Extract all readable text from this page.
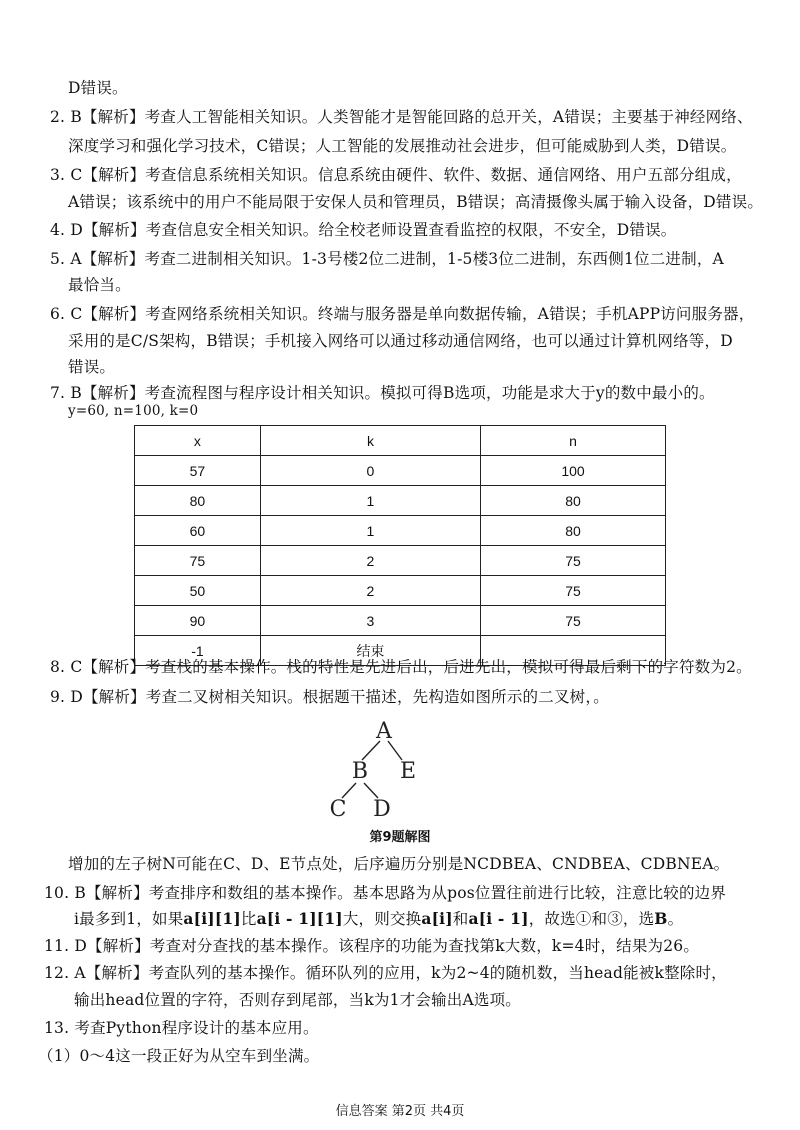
D错误。
2. B【解析】考查人工智能相关知识。人类智能才是智能回路的总开关，A错误；主要基于神经网络、
深度学习和强化学习技术，C错误；人工智能的发展推动社会进步，但可能威胁到人类，D错误。
3. C【解析】考查信息系统相关知识。信息系统由硬件、软件、数据、通信网络、用户五部分组成，
A错误；该系统中的用户不能局限于安保人员和管理员，B错误；高清摄像头属于输入设备，D错误。
4. D【解析】考查信息安全相关知识。给全校老师设置查看监控的权限，不安全，D错误。
5. A【解析】考查二进制相关知识。1-3号楼2位二进制，1-5楼3位二进制，东西侧1位二进制，A
最恰当。
6. C【解析】考查网络系统相关知识。终端与服务器是单向数据传输，A错误；手机APP访问服务器，
采用的是C/S架构，B错误；手机接入网络可以通过移动通信网络，也可以通过计算机网络等，D
错误。
7. B【解析】考查流程图与程序设计相关知识。模拟可得B选项，功能是求大于y的数中最小的。
y=60, n=100, k=0
x	k	n
57	0	100
80	1	80
60	1	80
75	2	75
50	2	75
90	3	75
-1	结束	
8. C【解析】考查栈的基本操作。栈的特性是先进后出，后进先出，模拟可得最后剩下的字符数为2。
9. D【解析】考查二叉树相关知识。根据题干描述，先构造如图所示的二叉树，。
A
B E
C D
第9题解图
增加的左子树N可能在C、D、E节点处，后序遍历分别是NCDBEA、CNDBEA、CDBNEA。
10. B【解析】考查排序和数组的基本操作。基本思路为从pos位置往前进行比较，注意比较的边界
i最多到1，如果a[i][1]比a[i - 1][1]大，则交换a[i]和a[i - 1]，故选①和③，选B。
11. D【解析】考查对分查找的基本操作。该程序的功能为查找第k大数，k=4时，结果为26。
12. A【解析】考查队列的基本操作。循环队列的应用，k为2~4的随机数，当head能被k整除时，
输出head位置的字符，否则存到尾部，当k为1才会输出A选项。
13. 考查Python程序设计的基本应用。
（1）0～4这一段正好为从空车到坐满。
信息答案 第2页 共4页
